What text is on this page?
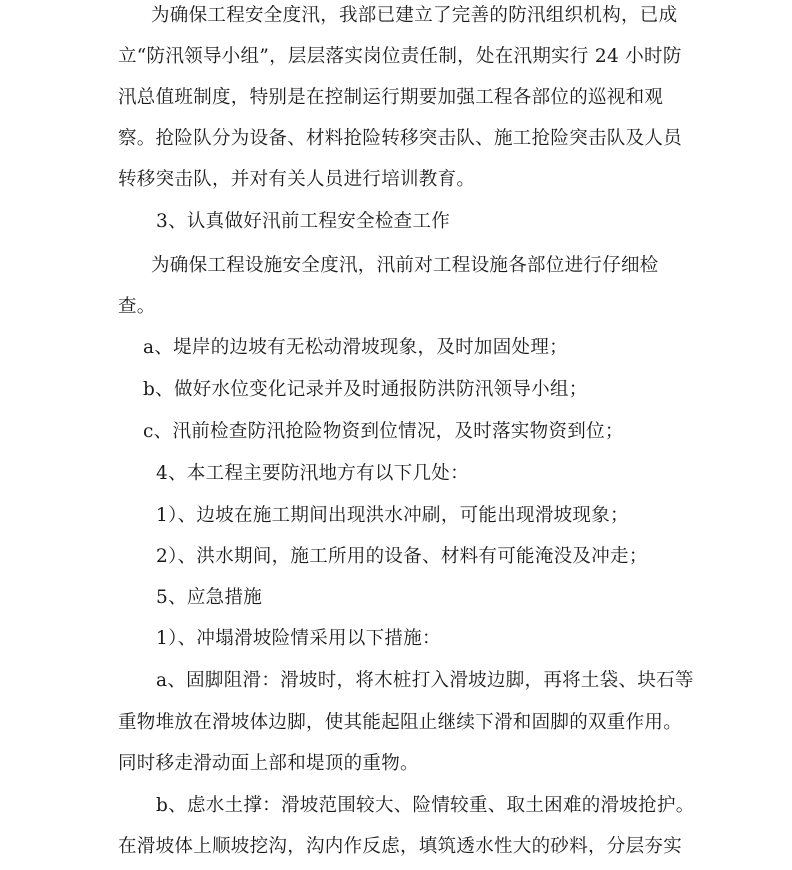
为确保工程安全度汛，我部已建立了完善的防汛组织机构，已成
立“防汛领导小组”，层层落实岗位责任制，处在汛期实行 24 小时防
汛总值班制度，特别是在控制运行期要加强工程各部位的巡视和观
察。抢险队分为设备、材料抢险转移突击队、施工抢险突击队及人员
转移突击队，并对有关人员进行培训教育。
3、认真做好汛前工程安全检查工作
为确保工程设施安全度汛，汛前对工程设施各部位进行仔细检
查。
a、堤岸的边坡有无松动滑坡现象，及时加固处理；
b、做好水位变化记录并及时通报防洪防汛领导小组；
c、汛前检查防汛抢险物资到位情况，及时落实物资到位；
4、本工程主要防汛地方有以下几处：
1）、边坡在施工期间出现洪水冲刷，可能出现滑坡现象；
2）、洪水期间，施工所用的设备、材料有可能淹没及冲走；
5、应急措施
1）、冲塌滑坡险情采用以下措施：
a、固脚阻滑：滑坡时，将木桩打入滑坡边脚，再将土袋、块石等
重物堆放在滑坡体边脚，使其能起阻止继续下滑和固脚的双重作用。
同时移走滑动面上部和堤顶的重物。
b、虑水土撑：滑坡范围较大、险情较重、取土困难的滑坡抢护。
在滑坡体上顺坡挖沟，沟内作反虑，填筑透水性大的砂料，分层夯实
